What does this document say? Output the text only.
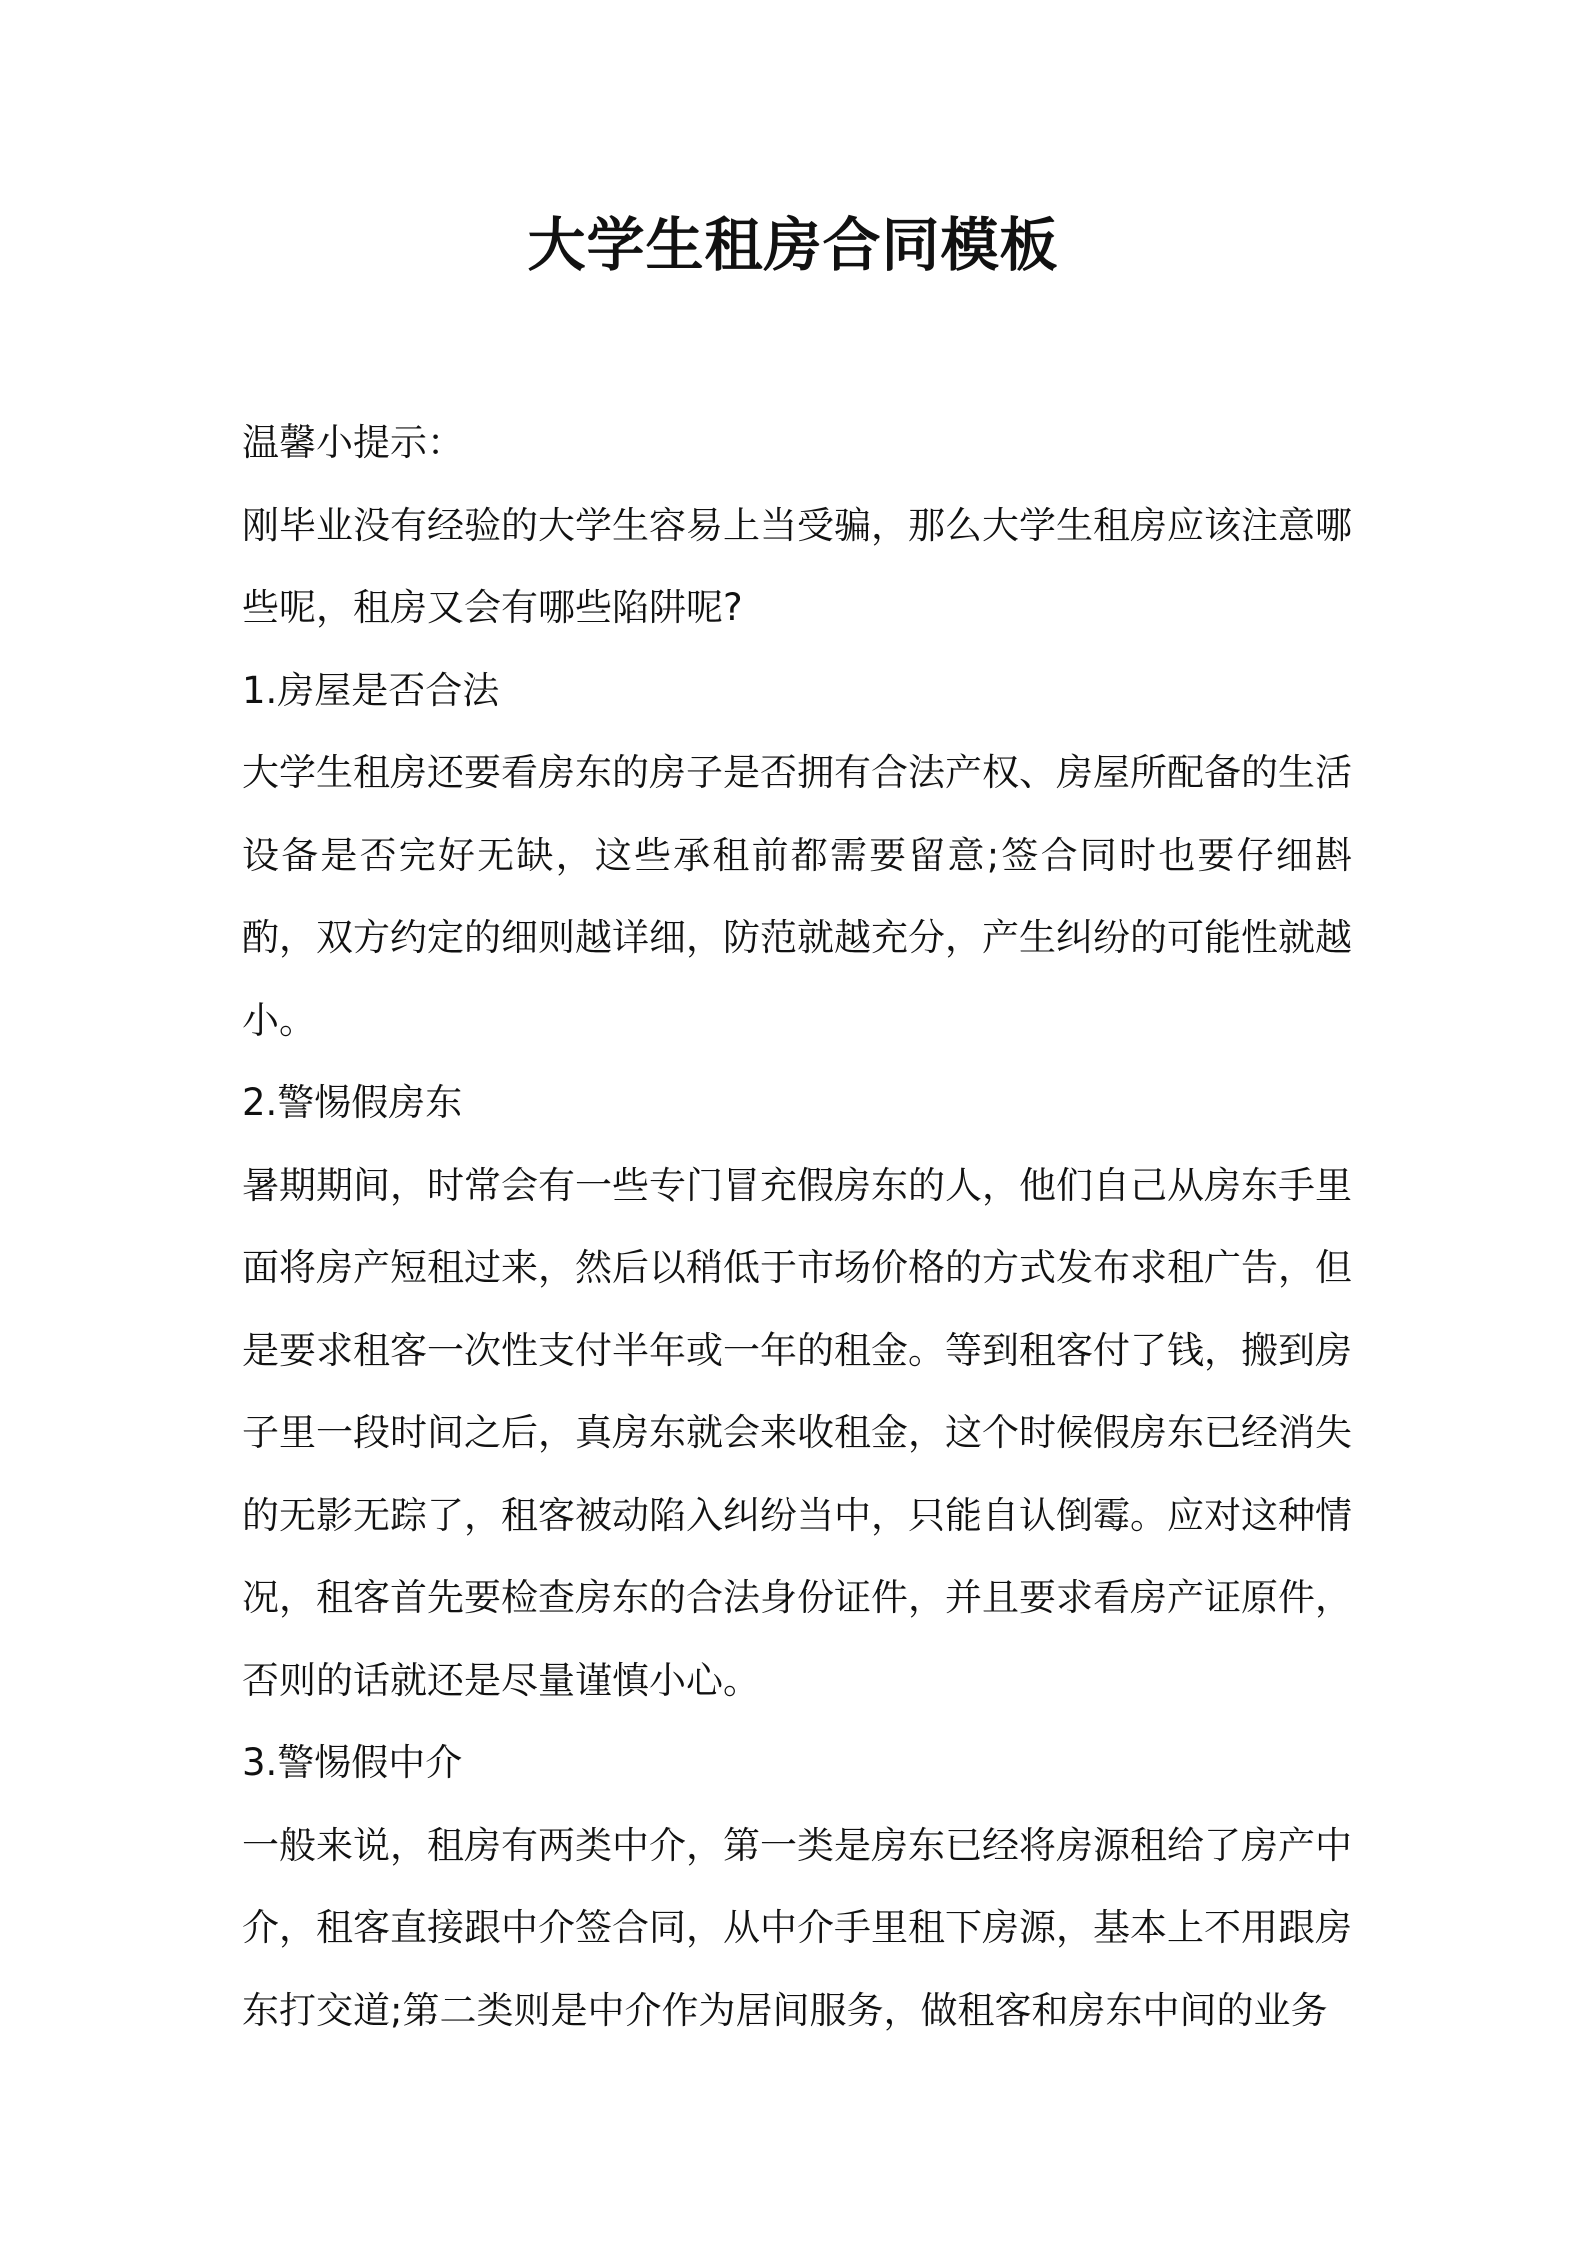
大学生租房合同模板

温馨小提示：

刚毕业没有经验的大学生容易上当受骗，那么大学生租房应该注意哪些呢，租房又会有哪些陷阱呢?

1.房屋是否合法

大学生租房还要看房东的房子是否拥有合法产权、房屋所配备的生活设备是否完好无缺，这些承租前都需要留意;签合同时也要仔细斟酌，双方约定的细则越详细，防范就越充分，产生纠纷的可能性就越小。

2.警惕假房东

暑期期间，时常会有一些专门冒充假房东的人，他们自己从房东手里面将房产短租过来，然后以稍低于市场价格的方式发布求租广告，但是要求租客一次性支付半年或一年的租金。等到租客付了钱，搬到房子里一段时间之后，真房东就会来收租金，这个时候假房东已经消失的无影无踪了，租客被动陷入纠纷当中，只能自认倒霉。应对这种情况，租客首先要检查房东的合法身份证件，并且要求看房产证原件，否则的话就还是尽量谨慎小心。

3.警惕假中介

一般来说，租房有两类中介，第一类是房东已经将房源租给了房产中介，租客直接跟中介签合同，从中介手里租下房源，基本上不用跟房东打交道;第二类则是中介作为居间服务，做租客和房东中间的业务
